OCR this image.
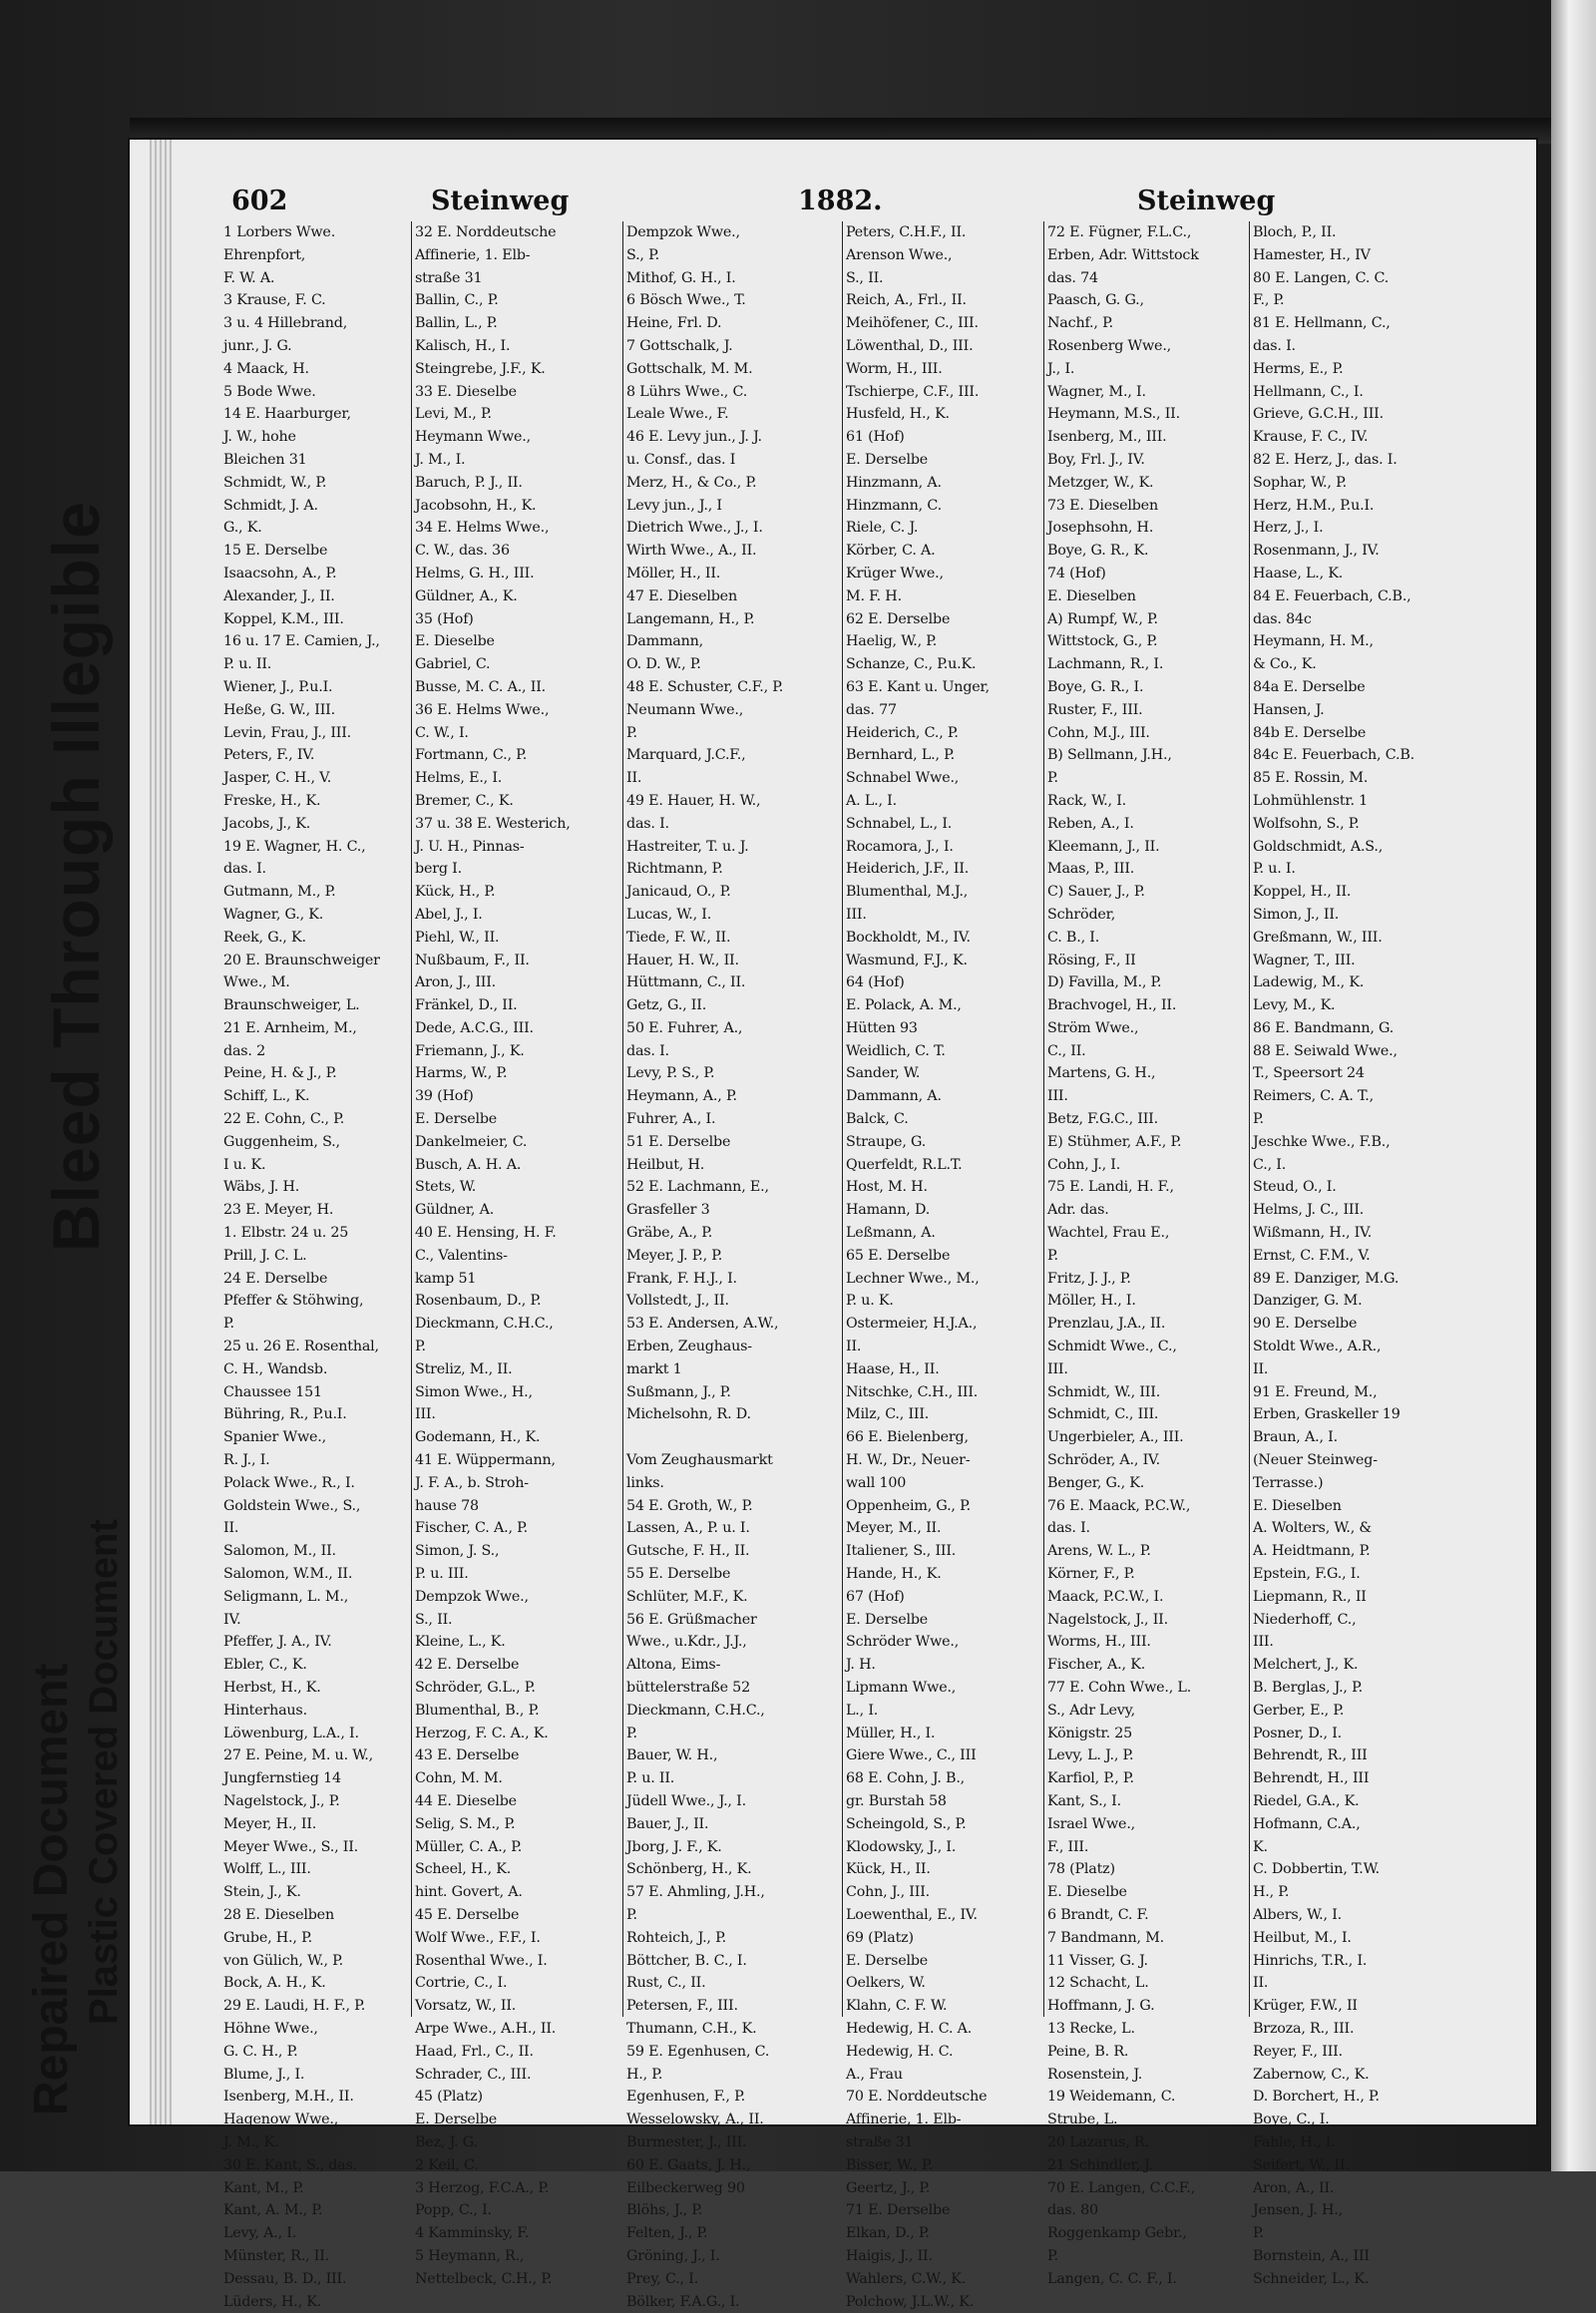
Repaired Document Plastic Covered Document
Bleed Through Illegible
602	Steinweg	1882.	Steinweg
1 Lorbers Wwe.
Ehrenpfort,
F. W. A.
3 Krause, F. C.
3 u. 4 Hillebrand,
junr., J. G.
4 Maack, H.
5 Bode Wwe.
14 E. Haarburger,
J. W., hohe
Bleichen 31
Schmidt, W., P.
Schmidt, J. A.
G., K.
15 E. Derselbe
Isaacsohn, A., P.
Alexander, J., II.
Koppel, K.M., III.
16 u. 17 E. Camien, J.,
P. u. II.
Wiener, J., P.u.I.
Heße, G. W., III.
Levin, Frau, J., III.
Peters, F., IV.
Jasper, C. H., V.
Freske, H., K.
Jacobs, J., K.
19 E. Wagner, H. C.,
das. I.
Gutmann, M., P.
Wagner, G., K.
Reek, G., K.
20 E. Braunschweiger
Wwe., M.
Braunschweiger, L.
21 E. Arnheim, M.,
das. 2
Peine, H. & J., P.
Schiff, L., K.
22 E. Cohn, C., P.
Guggenheim, S.,
I u. K.
Wäbs, J. H.
23 E. Meyer, H.
1. Elbstr. 24 u. 25
Prill, J. C. L.
24 E. Derselbe
Pfeffer & Stöhwing,
P.
25 u. 26 E. Rosenthal,
C. H., Wandsb.
Chaussee 151
Bühring, R., P.u.I.
Spanier Wwe.,
R. J., I.
Polack Wwe., R., I.
Goldstein Wwe., S.,
II.
Salomon, M., II.
Salomon, W.M., II.
Seligmann, L. M.,
IV.
Pfeffer, J. A., IV.
Ebler, C., K.
Herbst, H., K.
Hinterhaus.
Löwenburg, L.A., I.
27 E. Peine, M. u. W.,
Jungfernstieg 14
Nagelstock, J., P.
Meyer, H., II.
Meyer Wwe., S., II.
Wolff, L., III.
Stein, J., K.
28 E. Dieselben
Grube, H., P.
von Gülich, W., P.
Bock, A. H., K.
29 E. Laudi, H. F., P.
Höhne Wwe.,
G. C. H., P.
Blume, J., I.
Isenberg, M.H., II.
Hagenow Wwe.,
J. M., K.
30 E. Kant, S., das.
Kant, M., P.
Kant, A. M., P.
Levy, A., I.
Münster, R., II.
Dessau, B. D., III.
Lüders, H., K.
32 E. Norddeutsche
Affinerie, 1. Elb-
straße 31
Ballin, C., P.
Ballin, L., P.
Kalisch, H., I.
Steingrebe, J.F., K.
33 E. Dieselbe
Levi, M., P.
Heymann Wwe.,
J. M., I.
Baruch, P. J., II.
Jacobsohn, H., K.
34 E. Helms Wwe.,
C. W., das. 36
Helms, G. H., III.
Güldner, A., K.
35 (Hof)
E. Dieselbe
Gabriel, C.
Busse, M. C. A., II.
36 E. Helms Wwe.,
C. W., I.
Fortmann, C., P.
Helms, E., I.
Bremer, C., K.
37 u. 38 E. Westerich,
J. U. H., Pinnas-
berg I.
Kück, H., P.
Abel, J., I.
Piehl, W., II.
Nußbaum, F., II.
Aron, J., III.
Fränkel, D., II.
Dede, A.C.G., III.
Friemann, J., K.
Harms, W., P.
39 (Hof)
E. Derselbe
Dankelmeier, C.
Busch, A. H. A.
Stets, W.
Güldner, A.
40 E. Hensing, H. F.
C., Valentins-
kamp 51
Rosenbaum, D., P.
Dieckmann, C.H.C.,
P.
Streliz, M., II.
Simon Wwe., H.,
III.
Godemann, H., K.
41 E. Wüppermann,
J. F. A., b. Stroh-
hause 78
Fischer, C. A., P.
Simon, J. S.,
P. u. III.
Dempzok Wwe.,
S., II.
Kleine, L., K.
42 E. Derselbe
Schröder, G.L., P.
Blumenthal, B., P.
Herzog, F. C. A., K.
43 E. Derselbe
Cohn, M. M.
44 E. Dieselbe
Selig, S. M., P.
Müller, C. A., P.
Scheel, H., K.
hint. Govert, A.
45 E. Derselbe
Wolf Wwe., F.F., I.
Rosenthal Wwe., I.
Cortrie, C., I.
Vorsatz, W., II.
Arpe Wwe., A.H., II.
Haad, Frl., C., II.
Schrader, C., III.
45 (Platz)
E. Derselbe
Bez, J. G.
2 Keil, C.
3 Herzog, F.C.A., P.
Popp, C., I.
4 Kamminsky, F.
5 Heymann, R.,
Nettelbeck, C.H., P.
Dempzok Wwe.,
S., P.
Mithof, G. H., I.
6 Bösch Wwe., T.
Heine, Frl. D.
7 Gottschalk, J.
Gottschalk, M. M.
8 Lührs Wwe., C.
Leale Wwe., F.
46 E. Levy jun., J. J.
u. Consf., das. I
Merz, H., & Co., P.
Levy jun., J., I
Dietrich Wwe., J., I.
Wirth Wwe., A., II.
Möller, H., II.
47 E. Dieselben
Langemann, H., P.
Dammann,
O. D. W., P.
48 E. Schuster, C.F., P.
Neumann Wwe.,
P.
Marquard, J.C.F.,
II.
49 E. Hauer, H. W.,
das. I.
Hastreiter, T. u. J.
Richtmann, P.
Janicaud, O., P.
Lucas, W., I.
Tiede, F. W., II.
Hauer, H. W., II.
Hüttmann, C., II.
Getz, G., II.
50 E. Fuhrer, A.,
das. I.
Levy, P. S., P.
Heymann, A., P.
Fuhrer, A., I.
51 E. Derselbe
Heilbut, H.
52 E. Lachmann, E.,
Grasfeller 3
Gräbe, A., P.
Meyer, J. P., P.
Frank, F. H.J., I.
Vollstedt, J., II.
53 E. Andersen, A.W.,
Erben, Zeughaus-
markt 1
Sußmann, J., P.
Michelsohn, R. D.
Vom Zeughausmarkt
links.
54 E. Groth, W., P.
Lassen, A., P. u. I.
Gutsche, F. H., II.
55 E. Derselbe
Schlüter, M.F., K.
56 E. Grüßmacher
Wwe., u.Kdr., J.J.,
Altona, Eims-
büttelerstraße 52
Dieckmann, C.H.C.,
P.
Bauer, W. H.,
P. u. II.
Jüdell Wwe., J., I.
Bauer, J., II.
Jborg, J. F., K.
Schönberg, H., K.
57 E. Ahmling, J.H.,
P.
Rohteich, J., P.
Böttcher, B. C., I.
Rust, C., II.
Petersen, F., III.
Thumann, C.H., K.
59 E. Egenhusen, C.
H., P.
Egenhusen, F., P.
Wesselowsky, A., II.
Burmester, J., III.
60 E. Gaats, J. H.,
Eilbeckerweg 90
Blöhs, J., P.
Felten, J., P.
Gröning, J., I.
Prey, C., I.
Bölker, F.A.G., I.
Peters, C.H.F., II.
Arenson Wwe.,
S., II.
Reich, A., Frl., II.
Meihöfener, C., III.
Löwenthal, D., III.
Worm, H., III.
Tschierpe, C.F., III.
Husfeld, H., K.
61 (Hof)
E. Derselbe
Hinzmann, A.
Hinzmann, C.
Riele, C. J.
Körber, C. A.
Krüger Wwe.,
M. F. H.
62 E. Derselbe
Haelig, W., P.
Schanze, C., P.u.K.
63 E. Kant u. Unger,
das. 77
Heiderich, C., P.
Bernhard, L., P.
Schnabel Wwe.,
A. L., I.
Schnabel, L., I.
Rocamora, J., I.
Heiderich, J.F., II.
Blumenthal, M.J.,
III.
Bockholdt, M., IV.
Wasmund, F.J., K.
64 (Hof)
E. Polack, A. M.,
Hütten 93
Weidlich, C. T.
Sander, W.
Dammann, A.
Balck, C.
Straupe, G.
Querfeldt, R.L.T.
Host, M. H.
Hamann, D.
Leßmann, A.
65 E. Derselbe
Lechner Wwe., M.,
P. u. K.
Ostermeier, H.J.A.,
II.
Haase, H., II.
Nitschke, C.H., III.
Milz, C., III.
66 E. Bielenberg,
H. W., Dr., Neuer-
wall 100
Oppenheim, G., P.
Meyer, M., II.
Italiener, S., III.
Hande, H., K.
67 (Hof)
E. Derselbe
Schröder Wwe.,
J. H.
Lipmann Wwe.,
L., I.
Müller, H., I.
Giere Wwe., C., III
68 E. Cohn, J. B.,
gr. Burstah 58
Scheingold, S., P.
Klodowsky, J., I.
Kück, H., II.
Cohn, J., III.
Loewenthal, E., IV.
69 (Platz)
E. Derselbe
Oelkers, W.
Klahn, C. F. W.
Hedewig, H. C. A.
Hedewig, H. C.
A., Frau
70 E. Norddeutsche
Affinerie, 1. Elb-
straße 31
Bisser, W., P.
Geertz, J., P.
71 E. Derselbe
Elkan, D., P.
Haigis, J., II.
Wahlers, C.W., K.
Polchow, J.L.W., K.
72 E. Fügner, F.L.C.,
Erben, Adr. Wittstock
das. 74
Paasch, G. G.,
Nachf., P.
Rosenberg Wwe.,
J., I.
Wagner, M., I.
Heymann, M.S., II.
Isenberg, M., III.
Boy, Frl. J., IV.
Metzger, W., K.
73 E. Dieselben
Josephsohn, H.
Boye, G. R., K.
74 (Hof)
E. Dieselben
A) Rumpf, W., P.
Wittstock, G., P.
Lachmann, R., I.
Boye, G. R., I.
Ruster, F., III.
Cohn, M.J., III.
B) Sellmann, J.H.,
P.
Rack, W., I.
Reben, A., I.
Kleemann, J., II.
Maas, P., III.
C) Sauer, J., P.
Schröder,
C. B., I.
Rösing, F., II
D) Favilla, M., P.
Brachvogel, H., II.
Ström Wwe.,
C., II.
Martens, G. H.,
III.
Betz, F.G.C., III.
E) Stühmer, A.F., P.
Cohn, J., I.
75 E. Landi, H. F.,
Adr. das.
Wachtel, Frau E.,
P.
Fritz, J. J., P.
Möller, H., I.
Prenzlau, J.A., II.
Schmidt Wwe., C.,
III.
Schmidt, W., III.
Schmidt, C., III.
Ungerbieler, A., III.
Schröder, A., IV.
Benger, G., K.
76 E. Maack, P.C.W.,
das. I.
Arens, W. L., P.
Körner, F., P.
Maack, P.C.W., I.
Nagelstock, J., II.
Worms, H., III.
Fischer, A., K.
77 E. Cohn Wwe., L.
S., Adr Levy,
Königstr. 25
Levy, L. J., P.
Karfiol, P., P.
Kant, S., I.
Israel Wwe.,
F., III.
78 (Platz)
E. Dieselbe
6 Brandt, C. F.
7 Bandmann, M.
11 Visser, G. J.
12 Schacht, L.
Hoffmann, J. G.
13 Recke, L.
Peine, B. R.
Rosenstein, J.
19 Weidemann, C.
Strube, L.
20 Lazarus, R.
21 Schindler, J.
70 E. Langen, C.C.F.,
das. 80
Roggenkamp Gebr.,
P.
Langen, C. C. F., I.
Bloch, P., II.
Hamester, H., IV
80 E. Langen, C. C.
F., P.
81 E. Hellmann, C.,
das. I.
Herms, E., P.
Hellmann, C., I.
Grieve, G.C.H., III.
Krause, F. C., IV.
82 E. Herz, J., das. I.
Sophar, W., P.
Herz, H.M., P.u.I.
Herz, J., I.
Rosenmann, J., IV.
Haase, L., K.
84 E. Feuerbach, C.B.,
das. 84c
Heymann, H. M.,
& Co., K.
84a E. Derselbe
Hansen, J.
84b E. Derselbe
84c E. Feuerbach, C.B.
85 E. Rossin, M.
Lohmühlenstr. 1
Wolfsohn, S., P.
Goldschmidt, A.S.,
P. u. I.
Koppel, H., II.
Simon, J., II.
Greßmann, W., III.
Wagner, T., III.
Ladewig, M., K.
Levy, M., K.
86 E. Bandmann, G.
88 E. Seiwald Wwe.,
T., Speersort 24
Reimers, C. A. T.,
P.
Jeschke Wwe., F.B.,
C., I.
Steud, O., I.
Helms, J. C., III.
Wißmann, H., IV.
Ernst, C. F.M., V.
89 E. Danziger, M.G.
Danziger, G. M.
90 E. Derselbe
Stoldt Wwe., A.R.,
II.
91 E. Freund, M.,
Erben, Graskeller 19
Braun, A., I.
(Neuer Steinweg-
Terrasse.)
E. Dieselben
A. Wolters, W., &
A. Heidtmann, P.
Epstein, F.G., I.
Liepmann, R., II
Niederhoff, C.,
III.
Melchert, J., K.
B. Berglas, J., P.
Gerber, E., P.
Posner, D., I.
Behrendt, R., III
Behrendt, H., III
Riedel, G.A., K.
Hofmann, C.A.,
K.
C. Dobbertin, T.W.
H., P.
Albers, W., I.
Heilbut, M., I.
Hinrichs, T.R., I.
II.
Krüger, F.W., II
Brzoza, R., III.
Reyer, F., III.
Zabernow, C., K.
D. Borchert, H., P.
Boye, C., I.
Fahle, H., I.
Seifert, W., II.
Aron, A., II.
Jensen, J. H.,
P.
Bornstein, A., III
Schneider, L., K.
